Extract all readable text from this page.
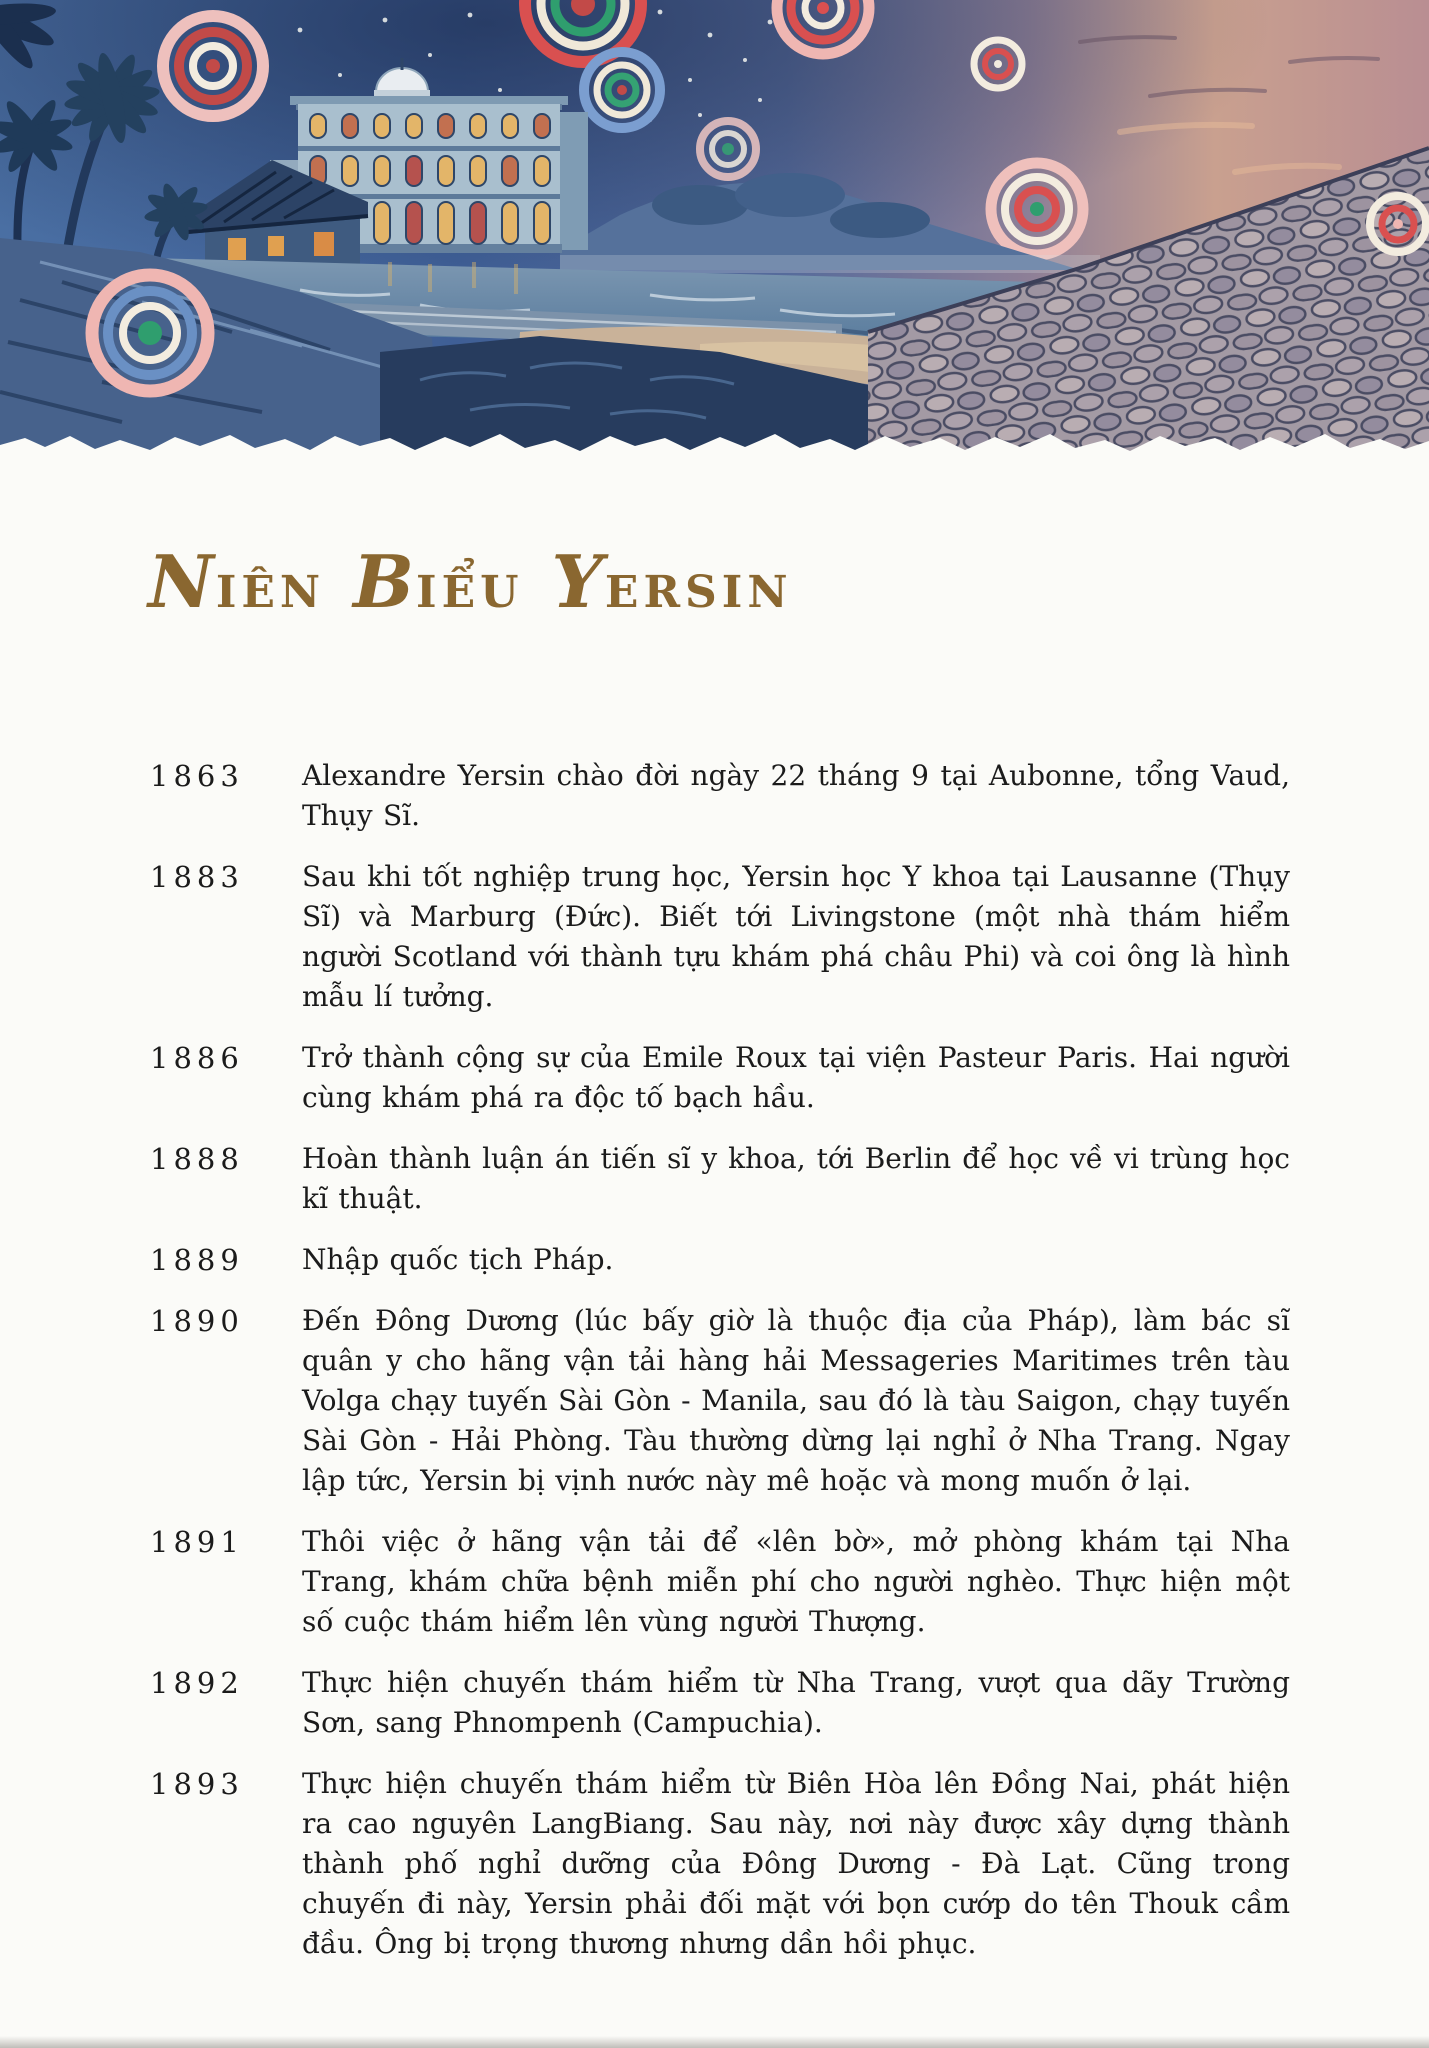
NIÊN BIỂU YERSIN
1863	Alexandre Yersin chào đời ngày 22 tháng 9 tại Aubonne, tổng Vaud, Thụy Sĩ.
1883	Sau khi tốt nghiệp trung học, Yersin học Y khoa tại Lausanne (Thụy Sĩ) và Marburg (Đức). Biết tới Livingstone (một nhà thám hiểm người Scotland với thành tựu khám phá châu Phi) và coi ông là hình mẫu lí tưởng.
1886	Trở thành cộng sự của Emile Roux tại viện Pasteur Paris. Hai người cùng khám phá ra độc tố bạch hầu.
1888	Hoàn thành luận án tiến sĩ y khoa, tới Berlin để học về vi trùng học kĩ thuật.
1889	Nhập quốc tịch Pháp.
1890	Đến Đông Dương (lúc bấy giờ là thuộc địa của Pháp), làm bác sĩ quân y cho hãng vận tải hàng hải Messageries Maritimes trên tàu Volga chạy tuyến Sài Gòn - Manila, sau đó là tàu Saigon, chạy tuyến Sài Gòn - Hải Phòng. Tàu thường dừng lại nghỉ ở Nha Trang. Ngay lập tức, Yersin bị vịnh nước này mê hoặc và mong muốn ở lại.
1891	Thôi việc ở hãng vận tải để «lên bờ», mở phòng khám tại Nha Trang, khám chữa bệnh miễn phí cho người nghèo. Thực hiện một số cuộc thám hiểm lên vùng người Thượng.
1892	Thực hiện chuyến thám hiểm từ Nha Trang, vượt qua dãy Trường Sơn, sang Phnompenh (Campuchia).
1893	Thực hiện chuyến thám hiểm từ Biên Hòa lên Đồng Nai, phát hiện ra cao nguyên LangBiang. Sau này, nơi này được xây dựng thành thành phố nghỉ dưỡng của Đông Dương - Đà Lạt. Cũng trong chuyến đi này, Yersin phải đối mặt với bọn cướp do tên Thouk cầm đầu. Ông bị trọng thương nhưng dần hồi phục.
